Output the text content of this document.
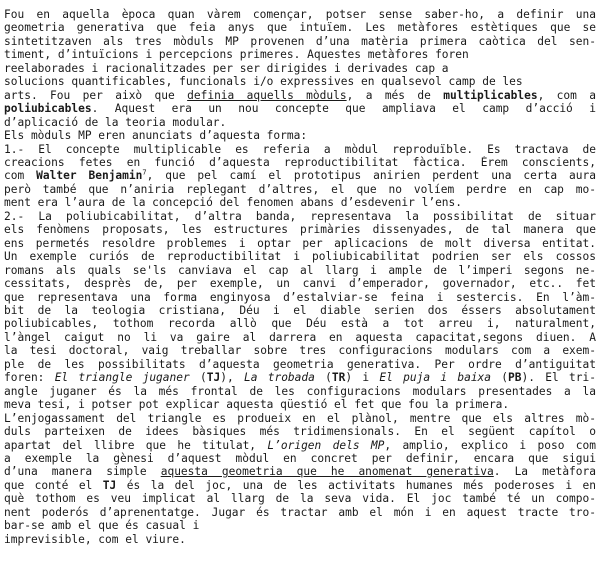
Fou en aquella època quan vàrem començar, potser sense saber-ho, a definir una
geometria generativa que feia anys que intuïem. Les metàfores estètiques que se
sintetitzaven als tres mòduls MP provenen d’una matèria primera caòtica del sen-
timent, d’intuïcions i percepcions primeres. Aquestes metàfores foren
reelaborades i racionalitzades per ser dirigides i derivades cap a
solucions quantificables, funcionals i/o expressives en qualsevol camp de les
arts. Fou per això que definia aquells mòduls, a més de multiplicables, com a
poliubicables. Aquest era un nou concepte que ampliava el camp d’acció i
d’aplicació de la teoria modular.
Els mòduls MP eren anunciats d’aquesta forma:
1.- El concepte multiplicable es referia a mòdul reproduïble. Es tractava de
creacions fetes en funció d’aquesta reproductibilitat fàctica. Érem conscients,
com Walter Benjamin$^7$, que pel camí el prototipus anirien perdent una certa aura
però també que n’aniria replegant d’altres, el que no volíem perdre en cap mo-
ment era l’aura de la concepció del fenomen abans d’esdevenir l’ens.
2.- La poliubicabilitat, d’altra banda, representava la possibilitat de situar
els fenòmens proposats, les estructures primàries dissenyades, de tal manera que
ens permetés resoldre problemes i optar per aplicacions de molt diversa entitat.
Un exemple curiós de reproductibilitat i poliubicabilitat podrien ser els cossos
romans als quals se'ls canviava el cap al llarg i ample de l’imperi segons ne-
cessitats, desprès de, per exemple, un canvi d’emperador, governador, etc.. fet
que representava una forma enginyosa d’estalviar-se feina i sestercis. En l’àm-
bit de la teologia cristiana, Déu i el diable serien dos éssers absolutament
poliubicables, tothom recorda allò que Déu està a tot arreu i, naturalment,
l’àngel caigut no li va gaire al darrera en aquesta capacitat,segons diuen. A
la tesi doctoral, vaig treballar sobre tres configuracions modulars com a exem-
ple de les possibilitats d’aquesta geometria generativa. Per ordre d’antiguitat
foren: El triangle juganer (TJ), La trobada (TR) i El puja i baixa (PB). El tri-
angle juganer és la més frontal de les configuracions modulars presentades a la
meva tesi, i potser pot explicar aquesta qüestió el fet que fou la primera.
L’enjogassament del triangle es produeix en el plànol, mentre que els altres mò-
duls parteixen de idees bàsiques més tridimensionals. En el següent capítol o
apartat del llibre que he titulat, L’origen dels MP, amplio, explico i poso com
a exemple la gènesi d’aquest mòdul en concret per definir, encara que sigui
d’una manera simple aquesta geometria que he anomenat generativa. La metàfora
que conté el TJ és la del joc, una de les activitats humanes més poderoses i en
què tothom es veu implicat al llarg de la seva vida. El joc també té un compo-
nent poderós d’aprenentatge. Jugar és tractar amb el món i en aquest tracte tro-
bar-se amb el que és casual i
imprevisible, com el viure.
